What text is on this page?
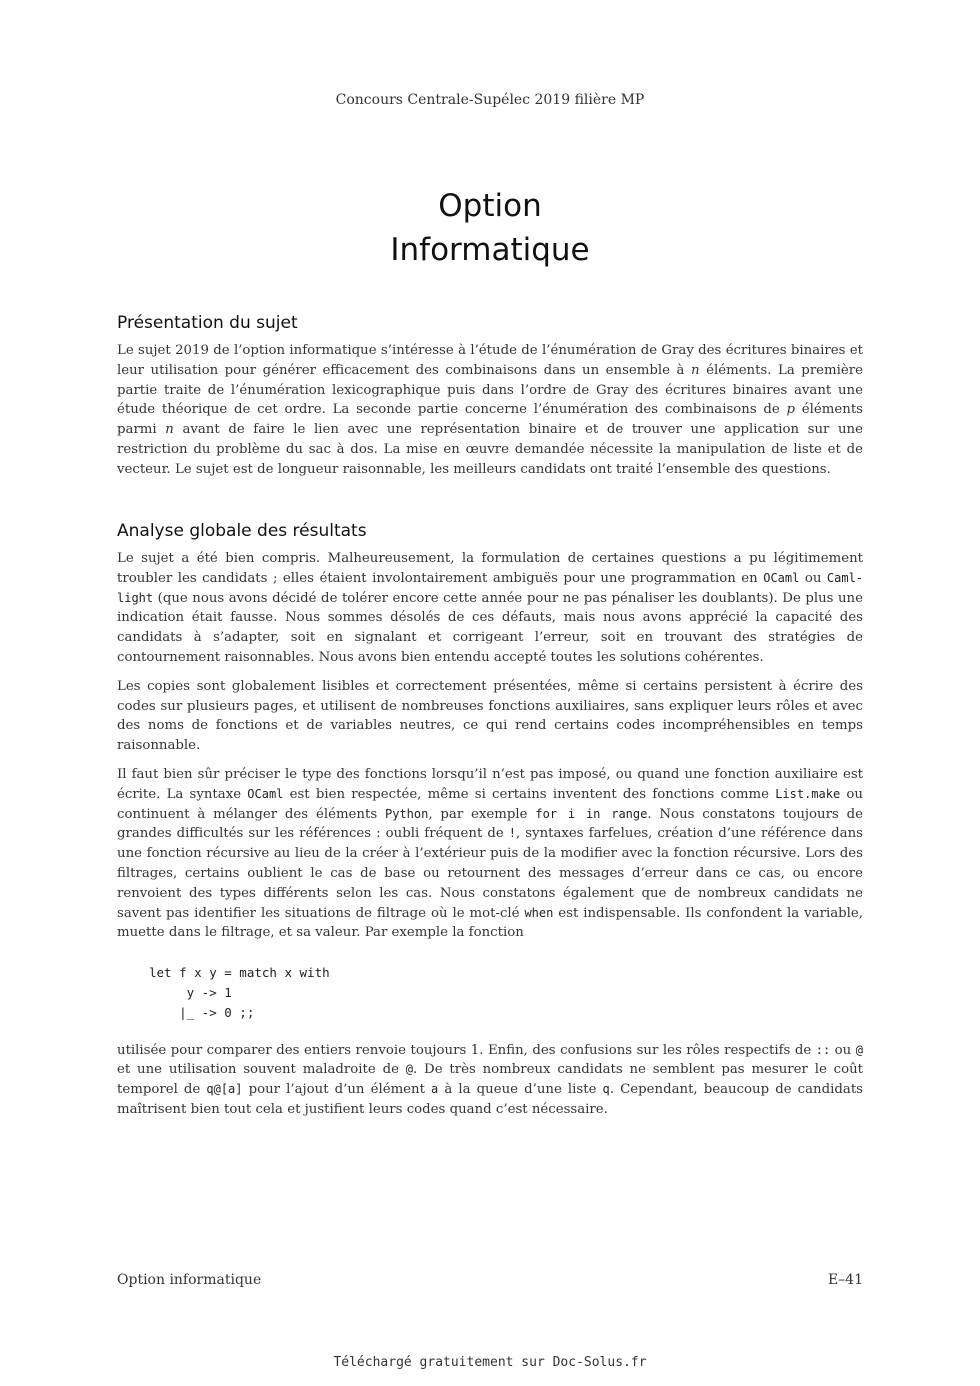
Concours Centrale-Supélec 2019 filière MP
Option
Informatique
Présentation du sujet

Le sujet 2019 de l’option informatique s’intéresse à l’étude de l’énumération de Gray des écritures binaires et leur utilisation pour générer efficacement des combinaisons dans un ensemble à n éléments. La première partie traite de l’énumération lexicographique puis dans l’ordre de Gray des écritures binaires avant une étude théorique de cet ordre. La seconde partie concerne l’énumération des combinaisons de p éléments parmi n avant de faire le lien avec une représentation binaire et de trouver une application sur une restriction du problème du sac à dos. La mise en œuvre demandée nécessite la manipulation de liste et de vecteur. Le sujet est de longueur raisonnable, les meilleurs candidats ont traité l’ensemble des questions.

Analyse globale des résultats

Le sujet a été bien compris. Malheureusement, la formulation de certaines questions a pu légitimement troubler les candidats ; elles étaient involontairement ambiguës pour une programmation en OCaml ou Caml-light (que nous avons décidé de tolérer encore cette année pour ne pas pénaliser les doublants). De plus une indication était fausse. Nous sommes désolés de ces défauts, mais nous avons apprécié la capacité des candidats à s’adapter, soit en signalant et corrigeant l’erreur, soit en trouvant des stratégies de contournement raisonnables. Nous avons bien entendu accepté toutes les solutions cohérentes.

Les copies sont globalement lisibles et correctement présentées, même si certains persistent à écrire des codes sur plusieurs pages, et utilisent de nombreuses fonctions auxiliaires, sans expliquer leurs rôles et avec des noms de fonctions et de variables neutres, ce qui rend certains codes incompréhensibles en temps raisonnable.

Il faut bien sûr préciser le type des fonctions lorsqu’il n’est pas imposé, ou quand une fonction auxiliaire est écrite. La syntaxe OCaml est bien respectée, même si certains inventent des fonctions comme List.make ou continuent à mélanger des éléments Python, par exemple for i in range. Nous constatons toujours de grandes difficultés sur les références : oubli fréquent de !, syntaxes farfelues, création d’une référence dans une fonction récursive au lieu de la créer à l’extérieur puis de la modifier avec la fonction récursive. Lors des filtrages, certains oublient le cas de base ou retournent des messages d’erreur dans ce cas, ou encore renvoient des types différents selon les cas. Nous constatons également que de nombreux candidats ne savent pas identifier les situations de filtrage où le mot-clé when est indispensable. Ils confondent la variable, muette dans le filtrage, et sa valeur. Par exemple la fonction

let f x y = match x with
y -> 1
|_ -> 0 ;;

utilisée pour comparer des entiers renvoie toujours 1. Enfin, des confusions sur les rôles respectifs de :: ou @ et une utilisation souvent maladroite de @. De très nombreux candidats ne semblent pas mesurer le coût temporel de q@[a] pour l’ajout d’un élément a à la queue d’une liste q. Cependant, beaucoup de candidats maîtrisent bien tout cela et justifient leurs codes quand c’est nécessaire.

Option informatique	E–41
Téléchargé gratuitement sur Doc-Solus.fr
